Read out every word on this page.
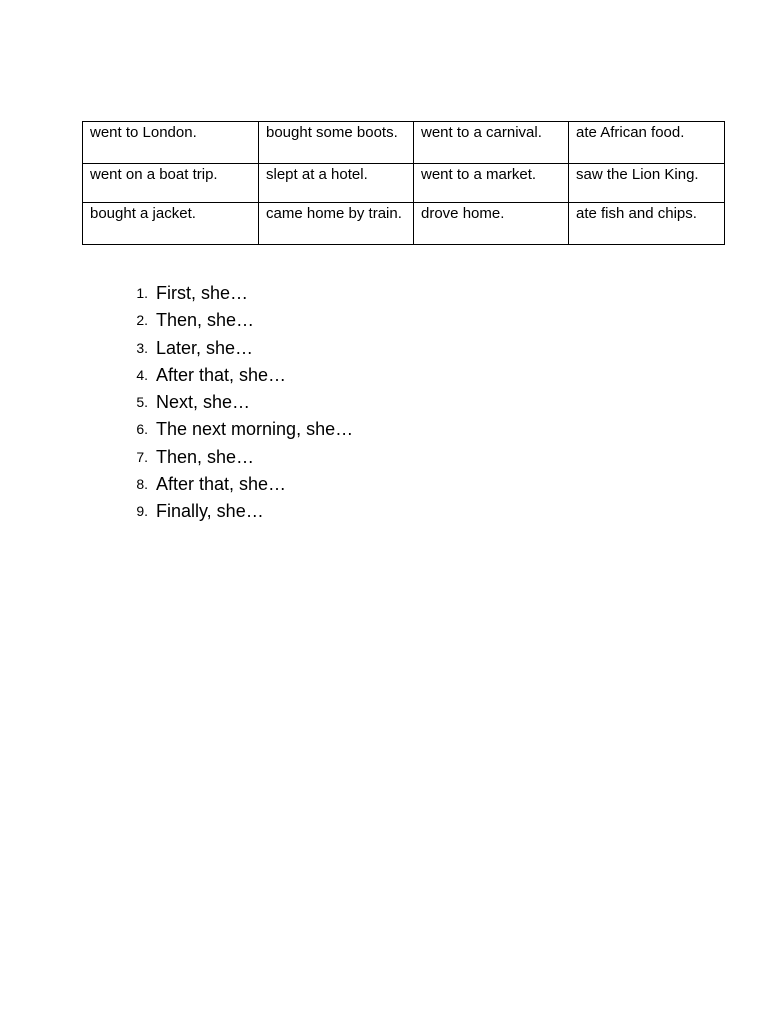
went to London.	bought some boots.	went to a carnival.	ate African food.
went on a boat trip.	slept at a hotel.	went to a market.	saw the Lion King.
bought a jacket.	came home by train.	drove home.	ate fish and chips.
1. First, she…
2. Then, she…
3. Later, she…
4. After that, she…
5. Next, she…
6. The next morning, she…
7. Then, she…
8. After that, she…
9. Finally, she…
